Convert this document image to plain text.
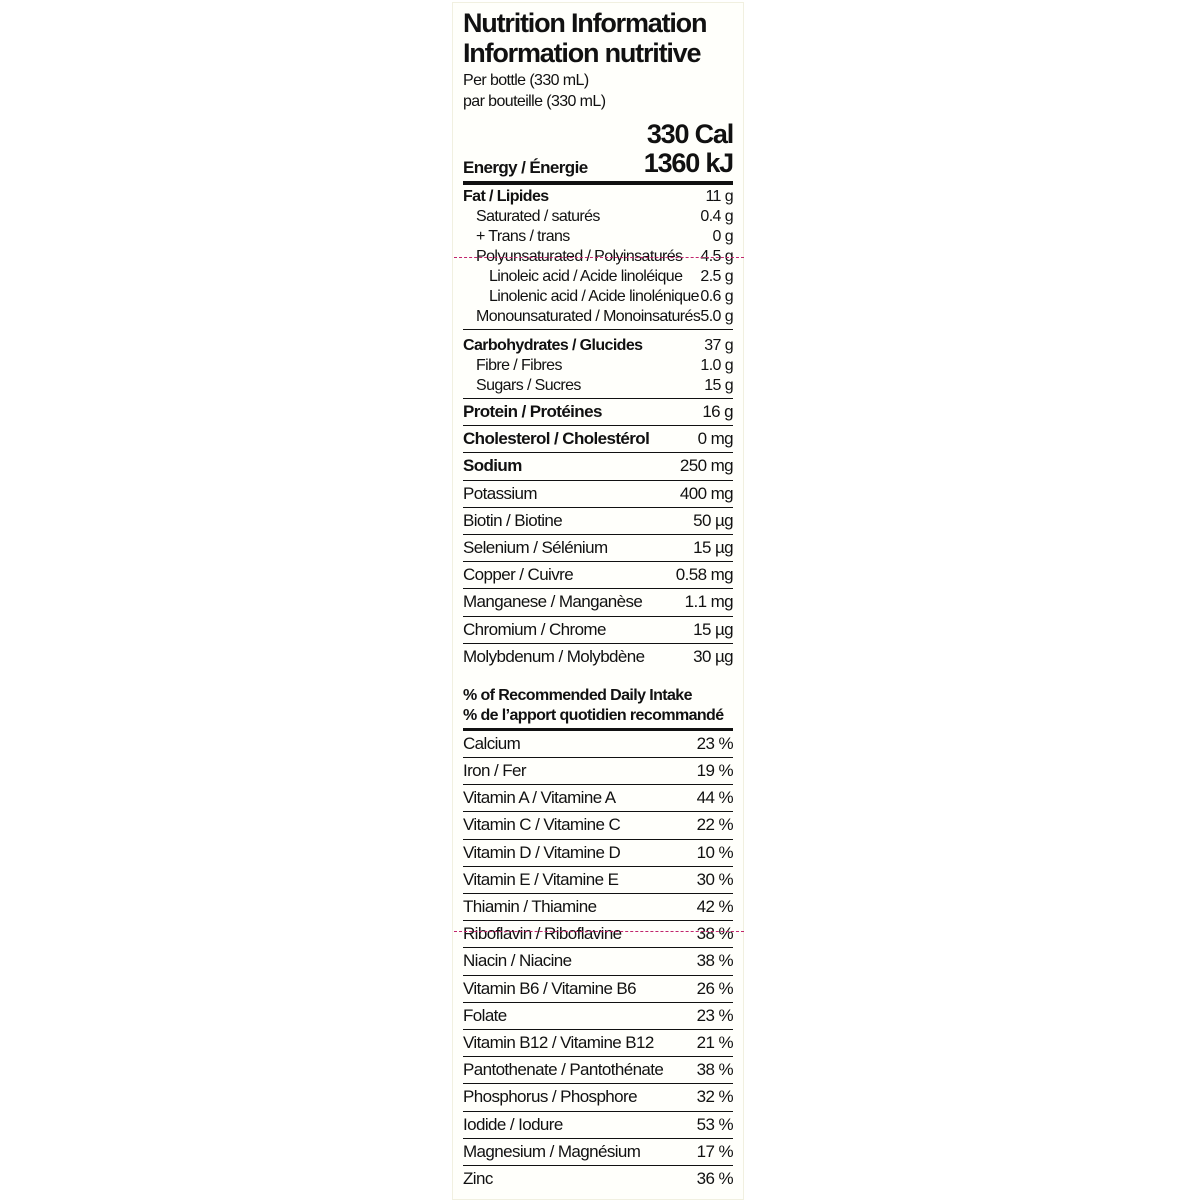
Nutrition Information
Information nutritive
Per bottle (330 mL)
par bouteille (330 mL)
Energy / Énergie
330 Cal
1360 kJ
Fat / Lipides	11 g
Saturated / saturés	0.4 g
+ Trans / trans	0 g
Polyunsaturated / Polyinsaturés 4.5 g
Linoleic acid / Acide linoléique 2.5 g
Linolenic acid / Acide linolénique 0.6 g
Monounsaturated / Monoinsaturés 5.0 g
Carbohydrates / Glucides	37 g
Fibre / Fibres	1.0 g
Sugars / Sucres	15 g
Protein / Protéines	16 g
Cholesterol / Cholestérol	0 mg
Sodium	250 mg
Potassium	400 mg
Biotin / Biotine	50 µg
Selenium / Sélénium	15 µg
Copper / Cuivre	0.58 mg
Manganese / Manganèse 1.1 mg
Chromium / Chrome	15 µg
Molybdenum / Molybdène	30 µg
% of Recommended Daily Intake
% de l’apport quotidien recommandé
Calcium	23 %
Iron / Fer	19 %
Vitamin A / Vitamine A	44 %
Vitamin C / Vitamine C	22 %
Vitamin D / Vitamine D	10 %
Vitamin E / Vitamine E	30 %
Thiamin / Thiamine	42 %
Riboflavin / Riboflavine	38 %
Niacin / Niacine	38 %
Vitamin B6 / Vitamine B6	26 %
Folate	23 %
Vitamin B12 / Vitamine B12	21 %
Pantothenate / Pantothénate 38 %
Phosphorus / Phosphore	32 %
Iodide / Iodure	53 %
Magnesium / Magnésium	17 %
Zinc	36 %
